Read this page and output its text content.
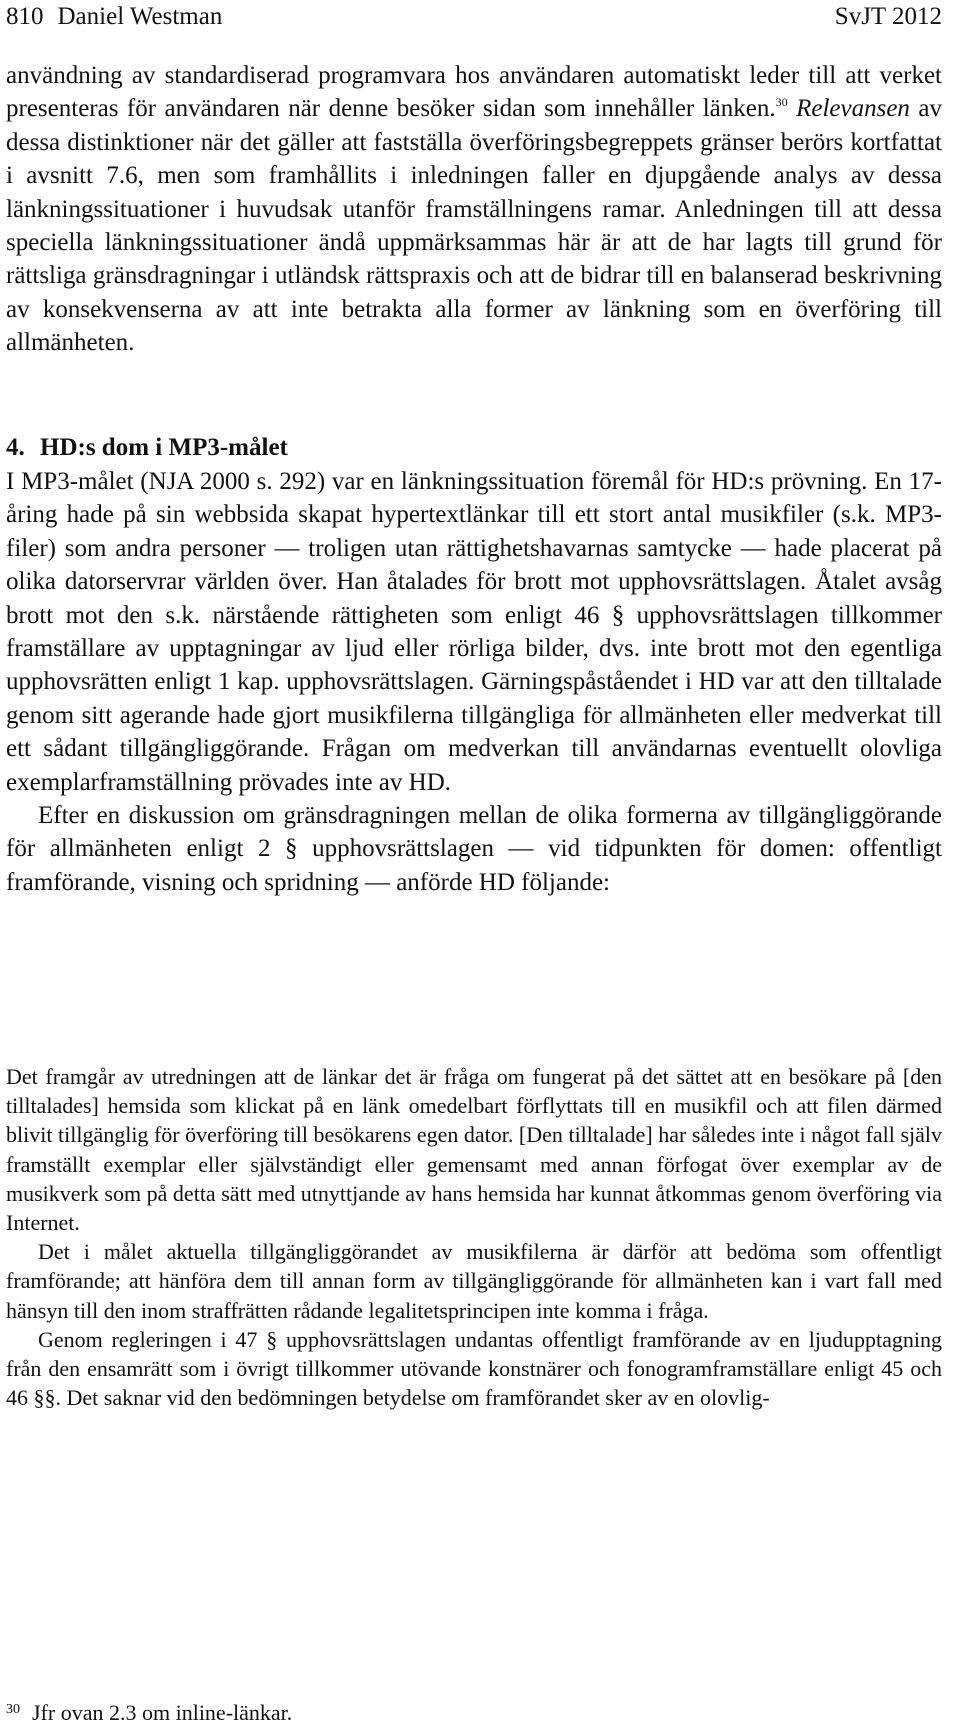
810 Daniel Westman	SvJT 2012

användning av standardiserad programvara hos användaren automatiskt leder till att verket presenteras för användaren när denne besöker sidan som innehåller länken.$^{30}$ Relevansen av dessa distinktioner när det gäller att fastställa överföringsbegreppets gränser berörs kortfattat i avsnitt 7.6, men som framhållits i inledningen faller en djupgående analys av dessa länkningssituationer i huvudsak utanför framställningens ramar. Anledningen till att dessa speciella länkningssituationer ändå uppmärksammas här är att de har lagts till grund för rättsliga gränsdragningar i utländsk rättspraxis och att de bidrar till en balanserad beskrivning av konsekvenserna av att inte betrakta alla former av länkning som en överföring till allmänheten.

4. HD:s dom i MP3-målet

I MP3-målet (NJA 2000 s. 292) var en länkningssituation föremål för HD:s prövning. En 17-åring hade på sin webbsida skapat hypertextlänkar till ett stort antal musikfiler (s.k. MP3-filer) som andra personer — troligen utan rättighetshavarnas samtycke — hade placerat på olika datorservrar världen över. Han åtalades för brott mot upphovsrättslagen. Åtalet avsåg brott mot den s.k. närstående rättigheten som enligt 46 § upphovsrättslagen tillkommer framställare av upptagningar av ljud eller rörliga bilder, dvs. inte brott mot den egentliga upphovsrätten enligt 1 kap. upphovsrättslagen. Gärningspåståendet i HD var att den tilltalade genom sitt agerande hade gjort musikfilerna tillgängliga för allmänheten eller medverkat till ett sådant tillgängliggörande. Frågan om medverkan till användarnas eventuellt olovliga exemplarframställning prövades inte av HD.

Efter en diskussion om gränsdragningen mellan de olika formerna av tillgängliggörande för allmänheten enligt 2 § upphovsrättslagen — vid tidpunkten för domen: offentligt framförande, visning och spridning — anförde HD följande:

Det framgår av utredningen att de länkar det är fråga om fungerat på det sättet att en besökare på [den tilltalades] hemsida som klickat på en länk omedelbart förflyttats till en musikfil och att filen därmed blivit tillgänglig för överföring till besökarens egen dator. [Den tilltalade] har således inte i något fall själv framställt exemplar eller självständigt eller gemensamt med annan förfogat över exemplar av de musikverk som på detta sätt med utnyttjande av hans hemsida har kunnat åtkommas genom överföring via Internet.

Det i målet aktuella tillgängliggörandet av musikfilerna är därför att bedöma som offentligt framförande; att hänföra dem till annan form av tillgängliggörande för allmänheten kan i vart fall med hänsyn till den inom straffrätten rådande legalitetsprincipen inte komma i fråga.

Genom regleringen i 47 § upphovsrättslagen undantas offentligt framförande av en ljudupptagning från den ensamrätt som i övrigt tillkommer utövande konstnärer och fonogramframställare enligt 45 och 46 §§. Det saknar vid den bedömningen betydelse om framförandet sker av en olovlig-

30 Jfr ovan 2.3 om inline-länkar.
